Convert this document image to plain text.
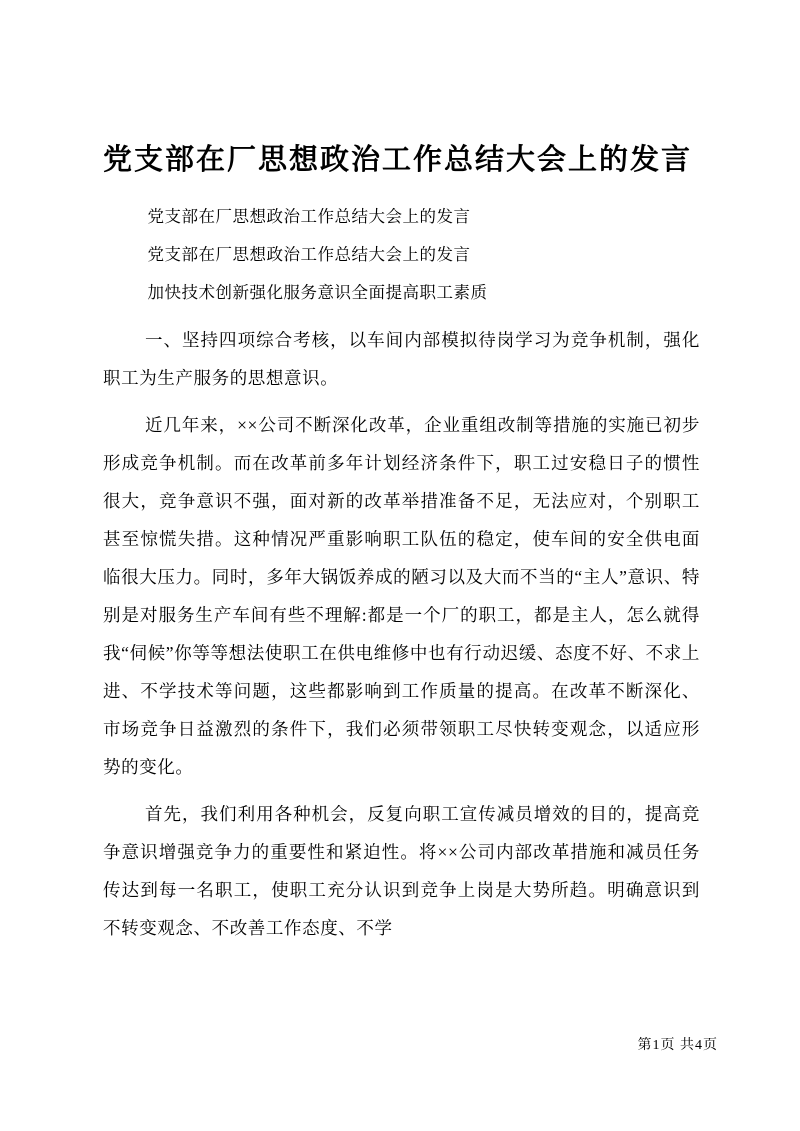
党支部在厂思想政治工作总结大会上的发言

党支部在厂思想政治工作总结大会上的发言

党支部在厂思想政治工作总结大会上的发言

加快技术创新强化服务意识全面提高职工素质

一、坚持四项综合考核，以车间内部模拟待岗学习为竞争机制，强化职工为生产服务的思想意识。

近几年来，××公司不断深化改革，企业重组改制等措施的实施已初步形成竞争机制。而在改革前多年计划经济条件下，职工过安稳日子的惯性很大，竞争意识不强，面对新的改革举措准备不足，无法应对，个别职工甚至惊慌失措。这种情况严重影响职工队伍的稳定，使车间的安全供电面临很大压力。同时，多年大锅饭养成的陋习以及大而不当的“主人”意识、特别是对服务生产车间有些不理解:都是一个厂的职工，都是主人，怎么就得我“伺候”你等等想法使职工在供电维修中也有行动迟缓、态度不好、不求上进、不学技术等问题，这些都影响到工作质量的提高。在改革不断深化、市场竞争日益激烈的条件下，我们必须带领职工尽快转变观念，以适应形势的变化。

首先，我们利用各种机会，反复向职工宣传减员增效的目的，提高竞争意识增强竞争力的重要性和紧迫性。将××公司内部改革措施和减员任务传达到每一名职工，使职工充分认识到竞争上岗是大势所趋。明确意识到不转变观念、不改善工作态度、不学

第1页 共4页
